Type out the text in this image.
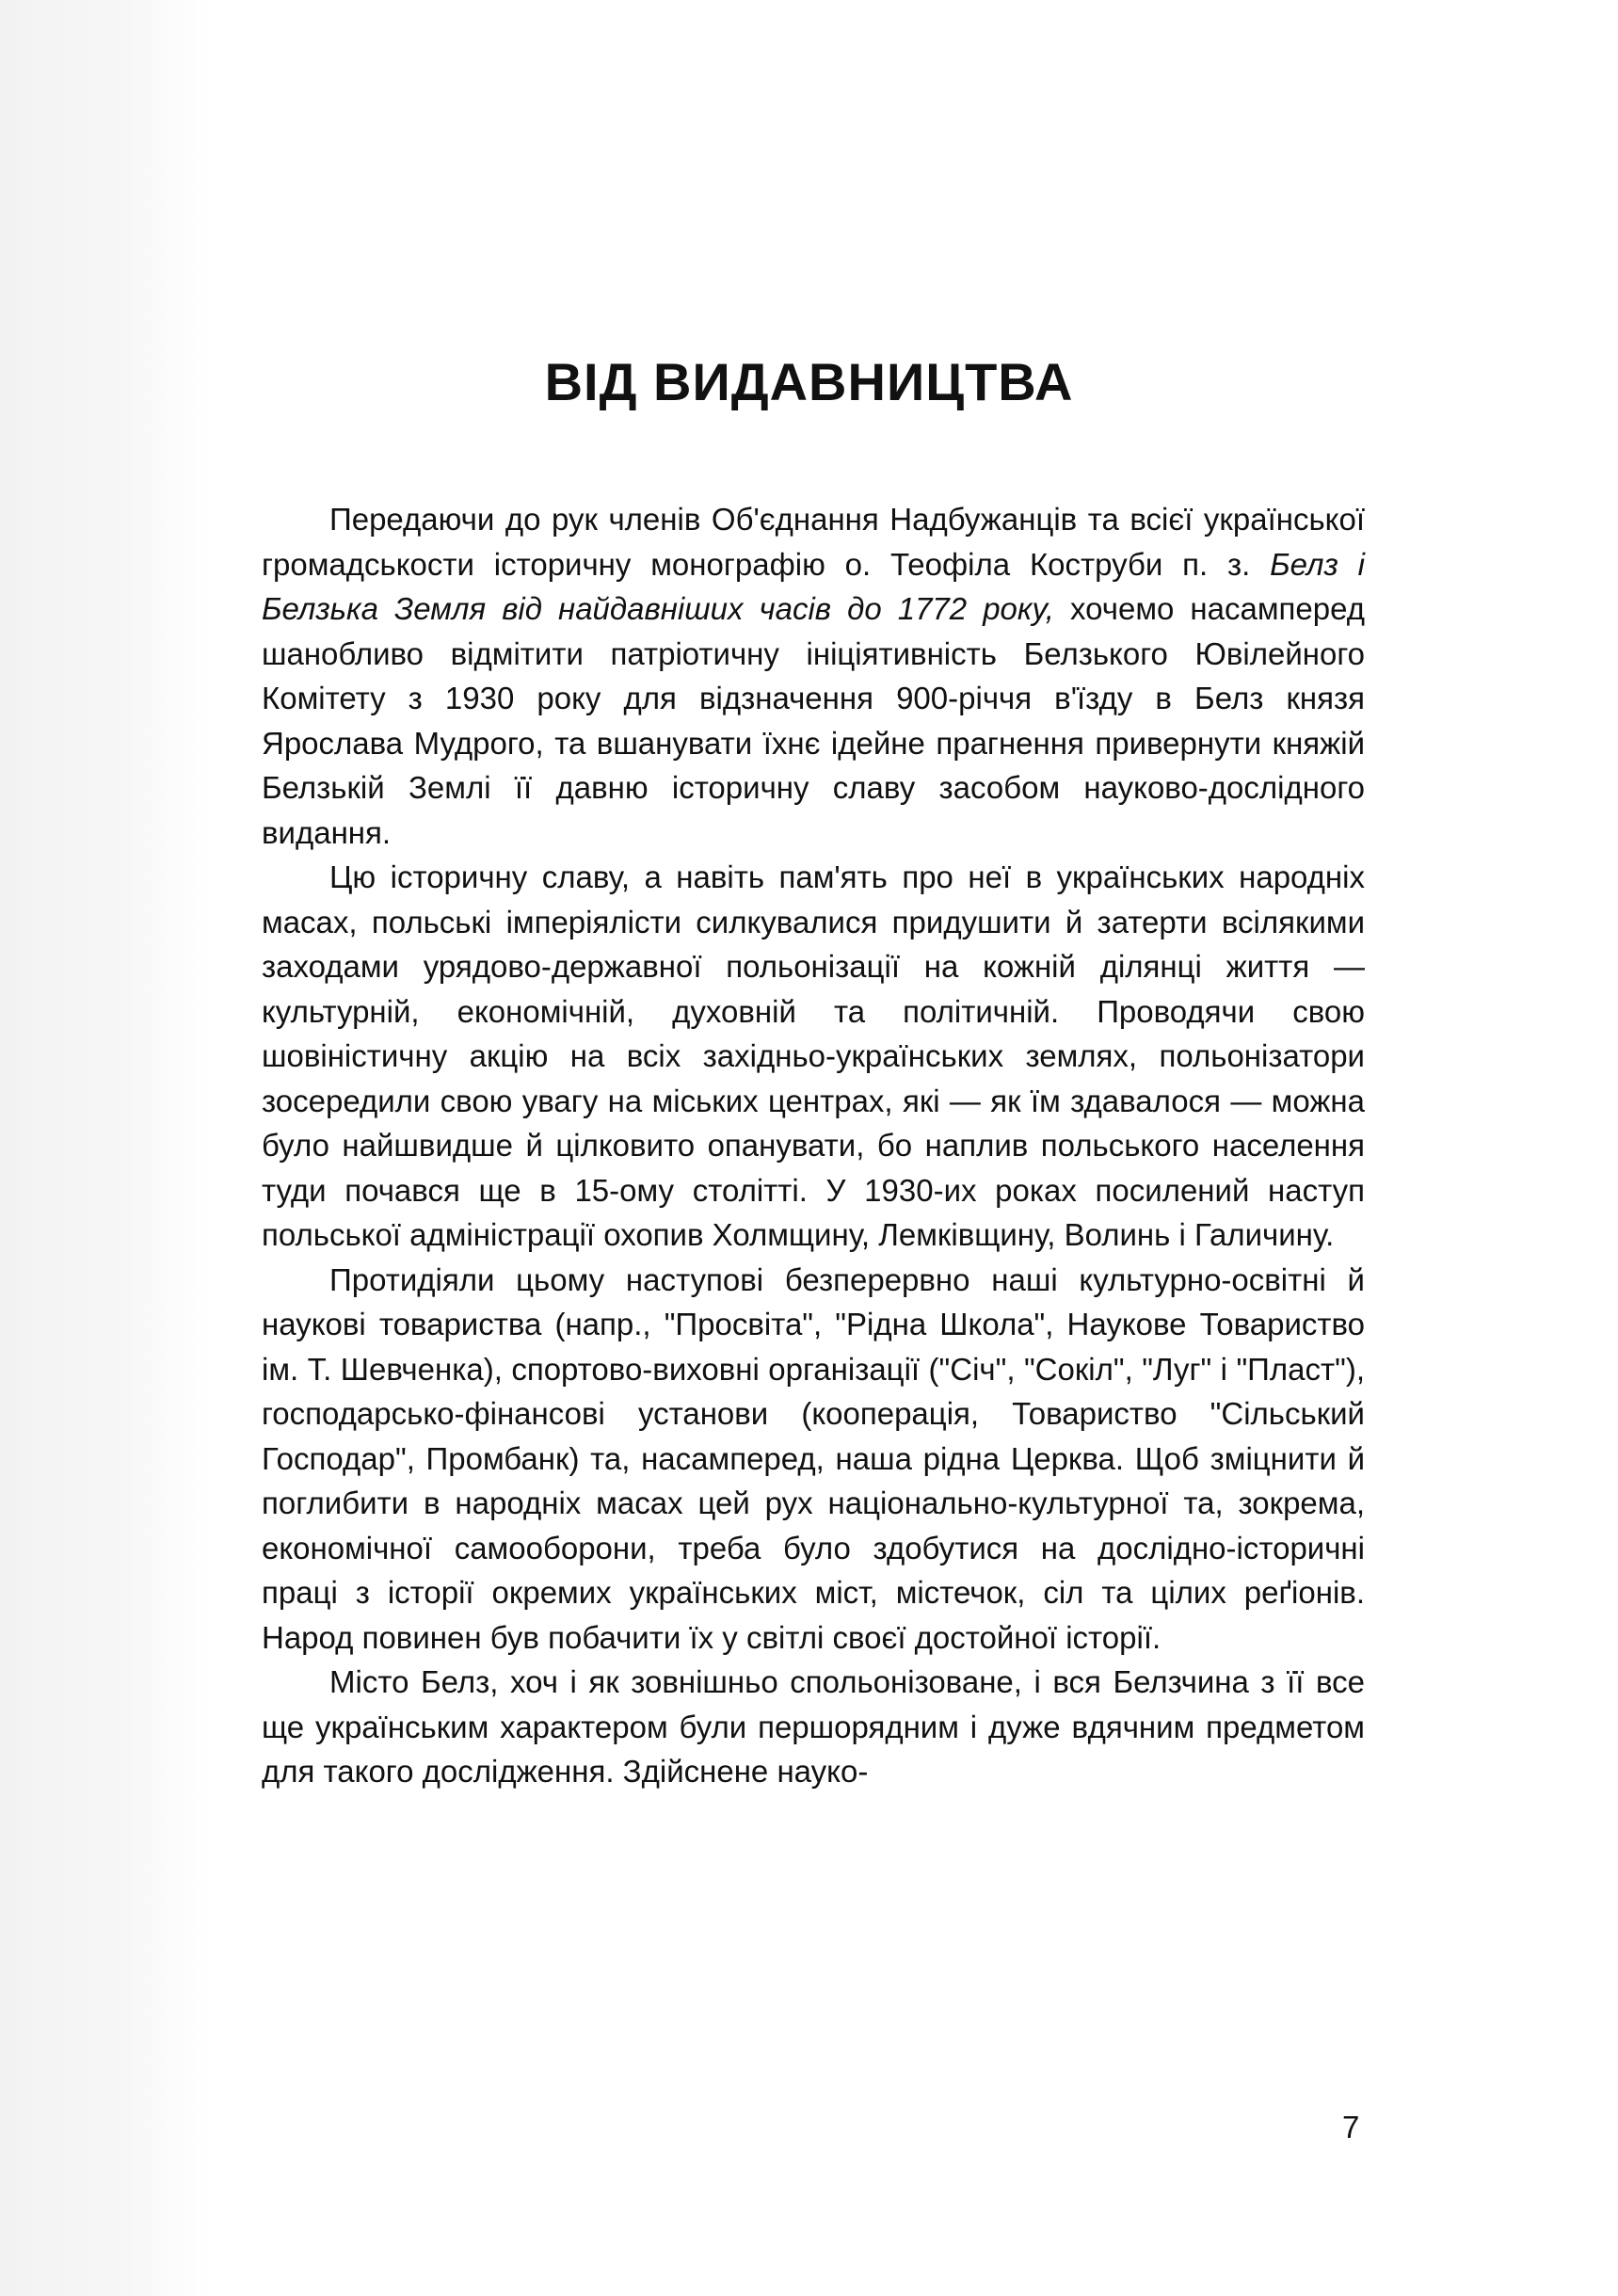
ВІД ВИДАВНИЦТВА

Передаючи до рук членів Об'єднання Надбужанців та всієї української громадськости історичну монографію о. Теофіла Коструби п. з. Белз і Белзька Земля від найдавніших часів до 1772 року, хочемо насамперед шанобливо відмітити патріотичну ініціятивність Белзького Ювілейного Комітету з 1930 року для відзначення 900-річчя в'їзду в Белз князя Ярослава Мудрого, та вшанувати їхнє ідейне прагнення привернути княжій Белзькій Землі її давню історичну славу засобом науково-дослідного видання.

Цю історичну славу, а навіть пам'ять про неї в українських народніх масах, польські імперіялісти силкувалися придушити й затерти всілякими заходами урядово-державної польонізації на кожній ділянці життя — культурній, економічній, духовній та політичній. Проводячи свою шовіністичну акцію на всіх західньо-українських землях, польонізатори зосередили свою увагу на міських центрах, які — як їм здавалося — можна було найшвидше й цілковито опанувати, бо наплив польського населення туди почався ще в 15-ому столітті. У 1930-их роках посилений наступ польської адміністрації охопив Холмщину, Лемківщину, Волинь і Галичину.

Протидіяли цьому наступові безперервно наші культурно-освітні й наукові товариства (напр., "Просвіта", "Рідна Школа", Наукове Товариство ім. Т. Шевченка), спортово-виховні організації ("Січ", "Сокіл", "Луг" і "Пласт"), господарсько-фінансові установи (кооперація, Товариство "Сільський Господар", Промбанк) та, насамперед, наша рідна Церква. Щоб зміцнити й поглибити в народніх масах цей рух національно-культурної та, зокрема, економічної самооборони, треба було здобутися на дослідно-історичні праці з історії окремих українських міст, містечок, сіл та цілих реґіонів. Народ повинен був побачити їх у світлі своєї достойної історії.

Місто Белз, хоч і як зовнішньо спольонізоване, і вся Белзчина з її все ще українським характером були першорядним і дуже вдячним предметом для такого дослідження. Здійснене науко-

7
